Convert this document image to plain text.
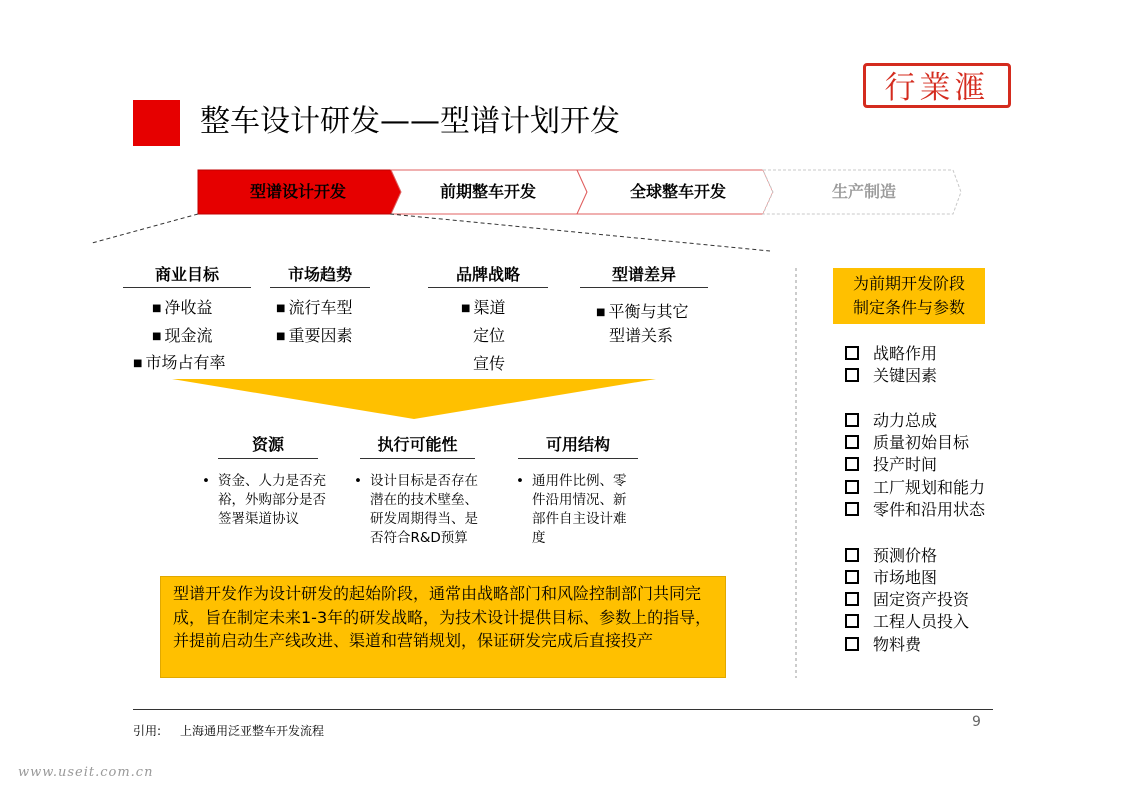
整车设计研发——型谱计划开发
行業滙
型谱设计开发	前期整车开发	全球整车开发	生产制造
商业目标
■ 净收益
■ 现金流
■ 市场占有率
市场趋势
■ 流行车型
■ 重要因素
品牌战略
■ 渠道
定位
宣传
型谱差异
■ 平衡与其它
型谱关系
资源
• 资金、人力是否充裕，外购部分是否签署渠道协议
执行可能性
• 设计目标是否存在潜在的技术壁垒、研发周期得当、是否符合R&D预算
可用结构
• 通用件比例、零件沿用情况、新部件自主设计难度
型谱开发作为设计研发的起始阶段，通常由战略部门和风险控制部门共同完成，旨在制定未来1-3年的研发战略，为技术设计提供目标、参数上的指导，并提前启动生产线改进、渠道和营销规划，保证研发完成后直接投产
为前期开发阶段
制定条件与参数
战略作用
关键因素
动力总成
质量初始目标
投产时间
工厂规划和能力
零件和沿用状态
预测价格
市场地图
固定资产投资
工程人员投入
物料费
引用: 上海通用泛亚整车开发流程
9
www.useit.com.cn
